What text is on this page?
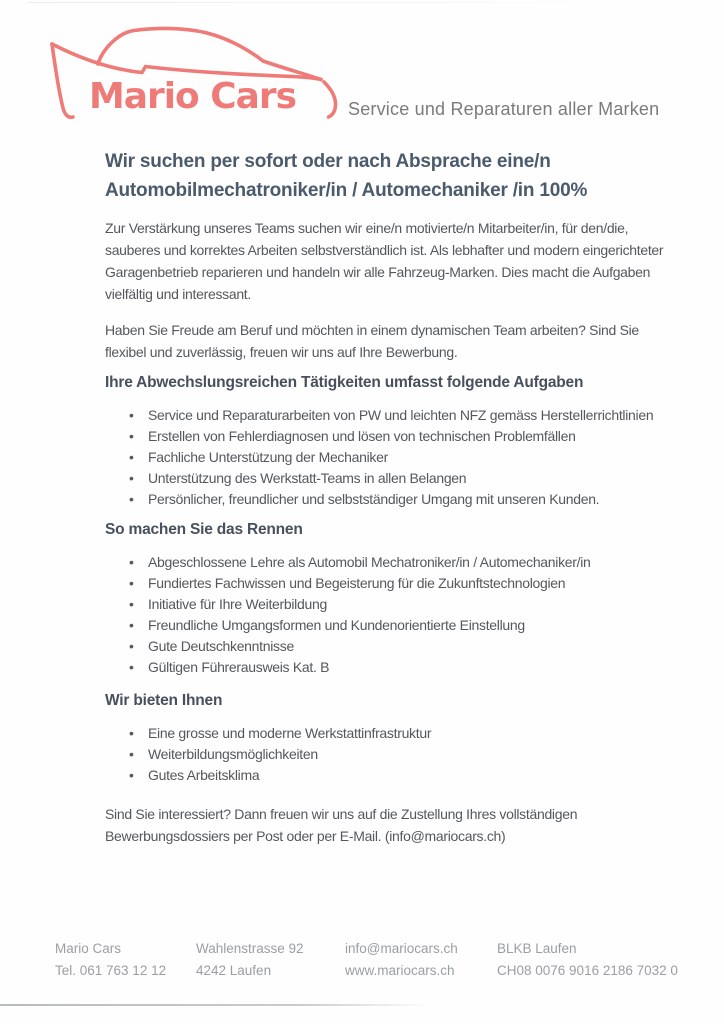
Mario Cars	Service und Reparaturen aller Marken
Wir suchen per sofort oder nach Absprache eine/n
Automobilmechatroniker/in / Automechaniker /in 100%

Zur Verstärkung unseres Teams suchen wir eine/n motivierte/n Mitarbeiter/in, für den/die, sauberes und korrektes Arbeiten selbstverständlich ist. Als lebhafter und modern eingerichteter Garagenbetrieb reparieren und handeln wir alle Fahrzeug-Marken. Dies macht die Aufgaben vielfältig und interessant.

Haben Sie Freude am Beruf und möchten in einem dynamischen Team arbeiten? Sind Sie flexibel und zuverlässig, freuen wir uns auf Ihre Bewerbung.

Ihre Abwechslungsreichen Tätigkeiten umfasst folgende Aufgaben
• Service und Reparaturarbeiten von PW und leichten NFZ gemäss Herstellerrichtlinien
• Erstellen von Fehlerdiagnosen und lösen von technischen Problemfällen
• Fachliche Unterstützung der Mechaniker
• Unterstützung des Werkstatt-Teams in allen Belangen
• Persönlicher, freundlicher und selbstständiger Umgang mit unseren Kunden.
So machen Sie das Rennen
• Abgeschlossene Lehre als Automobil Mechatroniker/in / Automechaniker/in
• Fundiertes Fachwissen und Begeisterung für die Zukunftstechnologien
• Initiative für Ihre Weiterbildung
• Freundliche Umgangsformen und Kundenorientierte Einstellung
• Gute Deutschkenntnisse
• Gültigen Führerausweis Kat. B
Wir bieten Ihnen
• Eine grosse und moderne Werkstattinfrastruktur
• Weiterbildungsmöglichkeiten
• Gutes Arbeitsklima

Sind Sie interessiert? Dann freuen wir uns auf die Zustellung Ihres vollständigen Bewerbungsdossiers per Post oder per E-Mail. (info@mariocars.ch)

Mario Cars
Tel. 061 763 12 12
Wahlenstrasse 92
4242 Laufen
info@mariocars.ch
www.mariocars.ch
BLKB Laufen
CH08 0076 9016 2186 7032 0
